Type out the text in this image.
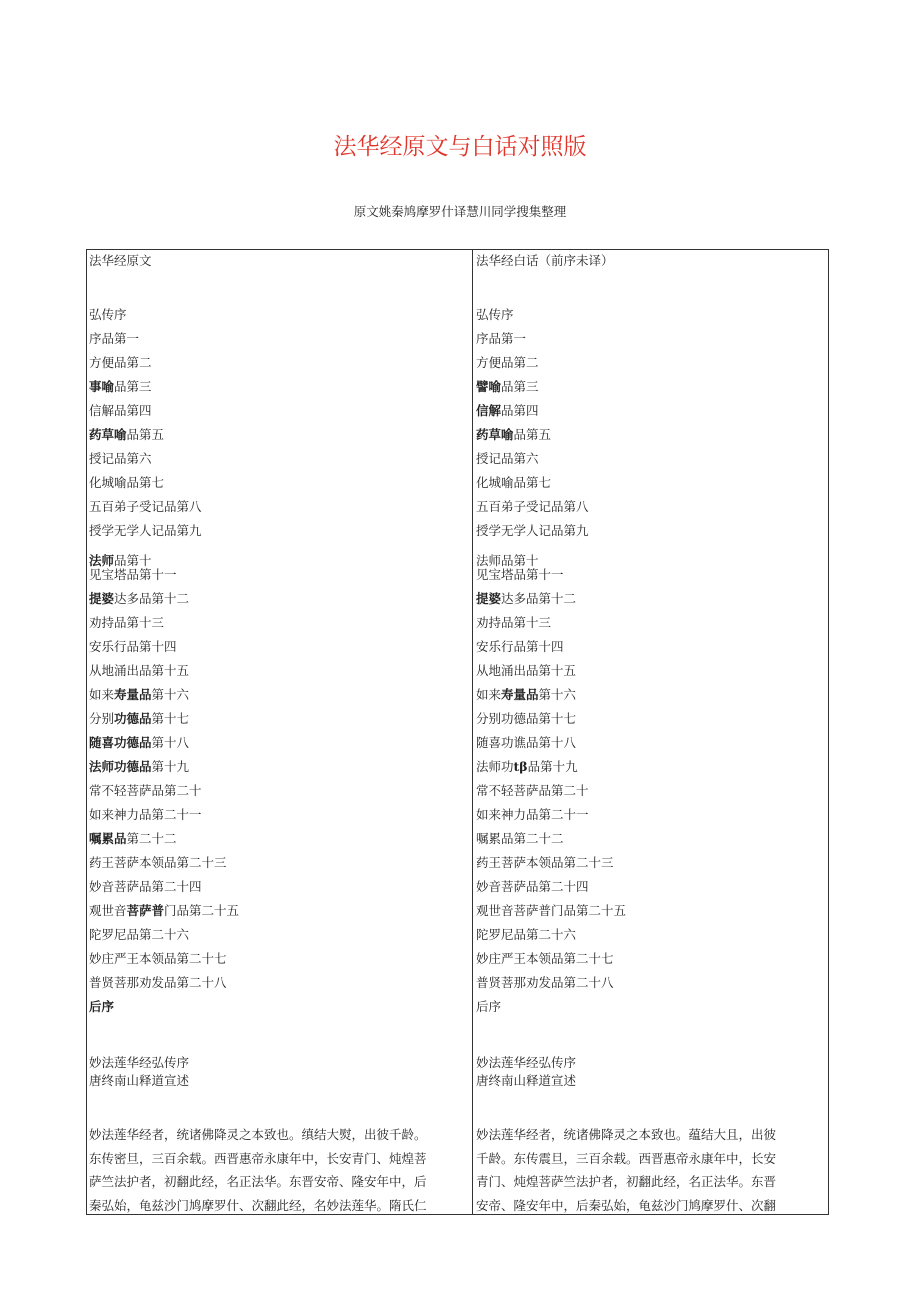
法华经原文与白话对照版
原文姚秦鸠摩罗什译慧川同学搜集整理
法华经原文
弘传序
序品第一
方便品第二
事喻品第三
信解品第四
药草喻品第五
授记品第六
化城喻品第七
五百弟子受记品第八
授学无学人记品第九
法师品第十
见宝塔品第十一
提婆达多品第十二
劝持品第十三
安乐行品第十四
从地涌出品第十五
如来寿量品第十六
分别功德品第十七
随喜功德品第十八
法师功德品第十九
常不轻菩萨品第二十
如来神力品第二十一
嘱累品第二十二
药王菩萨本领品第二十三
妙音菩萨品第二十四
观世音菩萨普门品第二十五
陀罗尼品第二十六
妙庄严王本领品第二十七
普贤菩那劝发品第二十八
后序
妙法莲华经弘传序
唐终南山释道宣述
妙法莲华经者，统诸佛降灵之本致也。缜结大熨，出彼千龄。
东传密旦，三百余载。西晋惠帝永康年中，长安青门、炖煌菩
萨竺法护者，初翻此经，名正法华。东晋安帝、隆安年中，后
秦弘始，龟兹沙门鸠摩罗什、次翻此经，名妙法莲华。隋氏仁
法华经白话（前序未译）
弘传序
序品第一
方便品第二
譬喻品第三
信解品第四
药草喻品第五
授记品第六
化城喻品第七
五百弟子受记品第八
授学无学人记品第九
法师品第十
见宝塔品第十一
提婆达多品第十二
劝持品第十三
安乐行品第十四
从地涌出品第十五
如来寿量品第十六
分别功德品第十七
随喜功谯品第十八
法师功tβ品第十九
常不轻菩萨品第二十
如来神力品第二十一
嘱累品第二十二
药王菩萨本领品第二十三
妙音菩萨品第二十四
观世音菩萨普门品第二十五
陀罗尼品第二十六
妙庄严王本领品第二十七
普贤菩那劝发品第二十八
后序
妙法莲华经弘传序
唐终南山释道宣述
妙法莲华经者，统诸佛降灵之本致也。蕴结大且，出彼
千龄。东传震旦，三百余载。西晋惠帝永康年中，长安
青门、炖煌菩萨竺法护者，初翻此经，名正法华。东晋
安帝、隆安年中，后秦弘始，龟兹沙门鸠摩罗什、次翻
